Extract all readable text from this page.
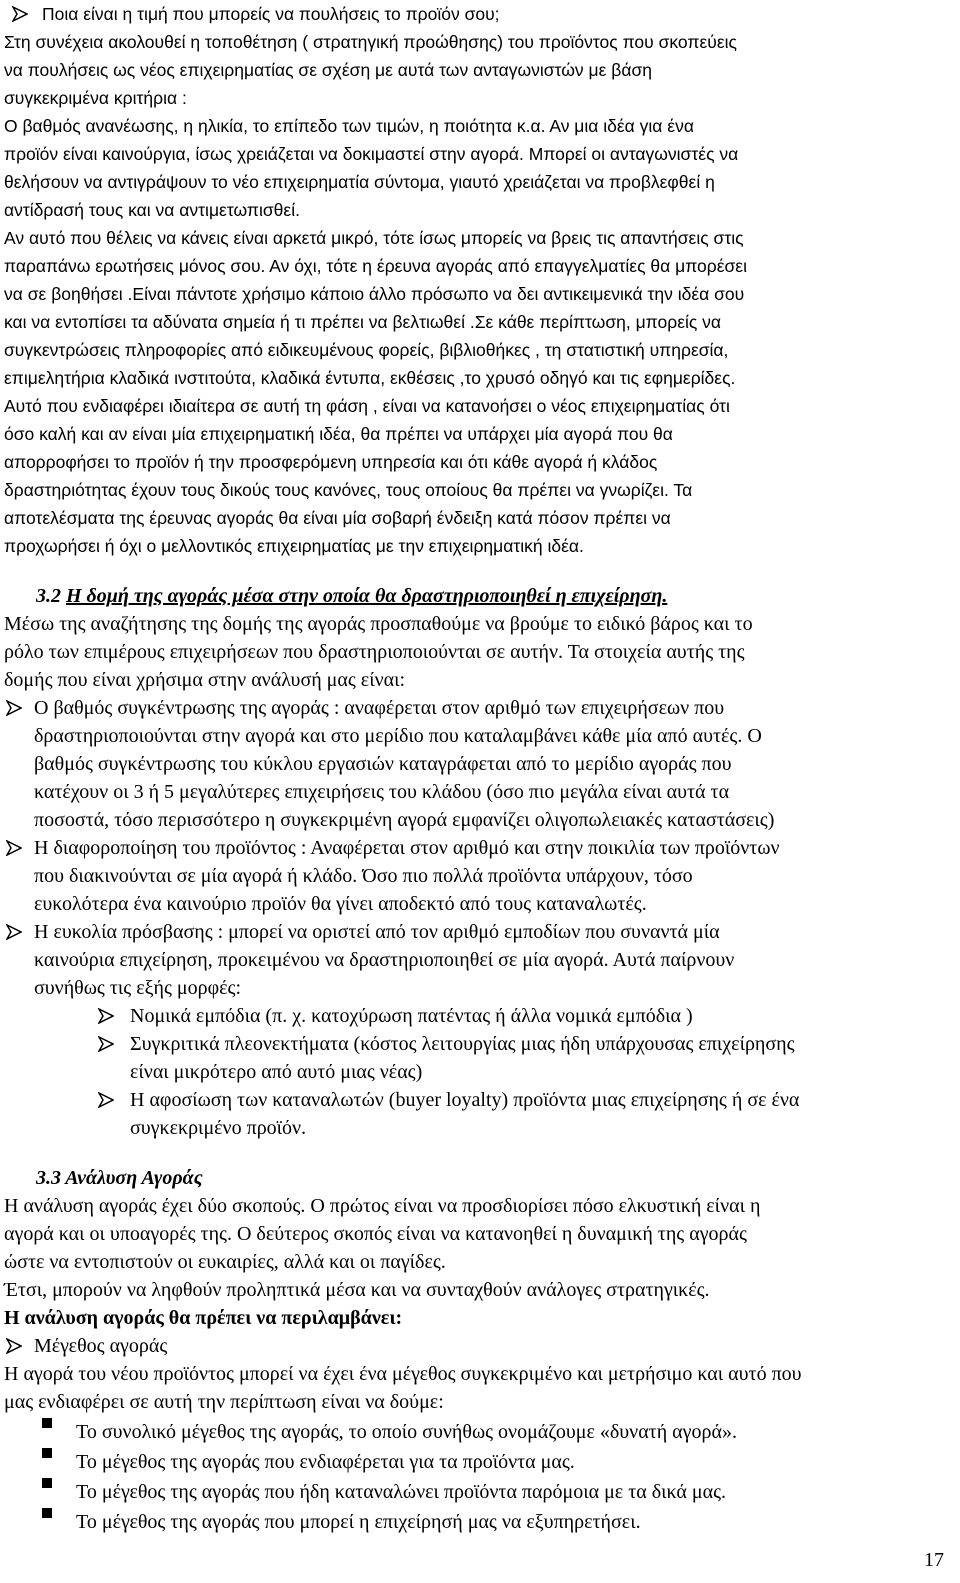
Ποια είναι η τιμή που μπορείς να πουλήσεις το προϊόν σου;
Στη συνέχεια ακολουθεί η τοποθέτηση ( στρατηγική προώθησης) του προϊόντος που σκοπεύεις
να πουλήσεις ως νέος επιχειρηματίας σε σχέση με αυτά των ανταγωνιστών με βάση
συγκεκριμένα κριτήρια :
Ο βαθμός ανανέωσης, η ηλικία, το επίπεδο των τιμών, η ποιότητα κ.α. Αν μια ιδέα για ένα
προϊόν είναι καινούργια, ίσως χρειάζεται να δοκιμαστεί στην αγορά. Μπορεί οι ανταγωνιστές να
θελήσουν να αντιγράψουν το νέο επιχειρηματία σύντομα, γιαυτό χρειάζεται να προβλεφθεί η
αντίδρασή τους και να αντιμετωπισθεί.
Αν αυτό που θέλεις να κάνεις είναι αρκετά μικρό, τότε ίσως μπορείς να βρεις τις απαντήσεις στις
παραπάνω ερωτήσεις μόνος σου. Αν όχι, τότε η έρευνα αγοράς από επαγγελματίες θα μπορέσει
να σε βοηθήσει .Είναι πάντοτε χρήσιμο κάποιο άλλο πρόσωπο να δει αντικειμενικά την ιδέα σου
και να εντοπίσει τα αδύνατα σημεία ή τι πρέπει να βελτιωθεί .Σε κάθε περίπτωση, μπορείς να
συγκεντρώσεις πληροφορίες από ειδικευμένους φορείς, βιβλιοθήκες , τη στατιστική υπηρεσία,
επιμελητήρια κλαδικά ινστιτούτα, κλαδικά έντυπα, εκθέσεις ,το χρυσό οδηγό και τις εφημερίδες.
Αυτό που ενδιαφέρει ιδιαίτερα σε αυτή τη φάση , είναι να κατανοήσει ο νέος επιχειρηματίας ότι
όσο καλή και αν είναι μία επιχειρηματική ιδέα, θα πρέπει να υπάρχει μία αγορά που θα
απορροφήσει το προϊόν ή την προσφερόμενη υπηρεσία και ότι κάθε αγορά ή κλάδος
δραστηριότητας έχουν τους δικούς τους κανόνες, τους οποίους θα πρέπει να γνωρίζει. Τα
αποτελέσματα της έρευνας αγοράς θα είναι μία σοβαρή ένδειξη κατά πόσον πρέπει να
προχωρήσει ή όχι ο μελλοντικός επιχειρηματίας με την επιχειρηματική ιδέα.
3.2 Η δομή της αγοράς μέσα στην οποία θα δραστηριοποιηθεί η επιχείρηση.
Μέσω της αναζήτησης της δομής της αγοράς προσπαθούμε να βρούμε το ειδικό βάρος και το
ρόλο των επιμέρους επιχειρήσεων που δραστηριοποιούνται σε αυτήν. Τα στοιχεία αυτής της
δομής που είναι χρήσιμα στην ανάλυσή μας είναι:
Ο βαθμός συγκέντρωσης της αγοράς : αναφέρεται στον αριθμό των επιχειρήσεων που
δραστηριοποιούνται στην αγορά και στο μερίδιο που καταλαμβάνει κάθε μία από αυτές. Ο
βαθμός συγκέντρωσης του κύκλου εργασιών καταγράφεται από το μερίδιο αγοράς που
κατέχουν οι 3 ή 5 μεγαλύτερες επιχειρήσεις του κλάδου (όσο πιο μεγάλα είναι αυτά τα
ποσοστά, τόσο περισσότερο η συγκεκριμένη αγορά εμφανίζει ολιγοπωλειακές καταστάσεις)
Η διαφοροποίηση του προϊόντος : Αναφέρεται στον αριθμό και στην ποικιλία των προϊόντων
που διακινούνται σε μία αγορά ή κλάδο. Όσο πιο πολλά προϊόντα υπάρχουν, τόσο
ευκολότερα ένα καινούριο προϊόν θα γίνει αποδεκτό από τους καταναλωτές.
Η ευκολία πρόσβασης : μπορεί να οριστεί από τον αριθμό εμποδίων που συναντά μία
καινούρια επιχείρηση, προκειμένου να δραστηριοποιηθεί σε μία αγορά. Αυτά παίρνουν
συνήθως τις εξής μορφές:
Νομικά εμπόδια (π. χ. κατοχύρωση πατέντας ή άλλα νομικά εμπόδια )
Συγκριτικά πλεονεκτήματα (κόστος λειτουργίας μιας ήδη υπάρχουσας επιχείρησης
είναι μικρότερο από αυτό μιας νέας)
Η αφοσίωση των καταναλωτών (buyer loyalty) προϊόντα μιας επιχείρησης ή σε ένα
συγκεκριμένο προϊόν.
3.3 Ανάλυση Αγοράς
Η ανάλυση αγοράς έχει δύο σκοπούς. Ο πρώτος είναι να προσδιορίσει πόσο ελκυστική είναι η
αγορά και οι υποαγορές της. Ο δεύτερος σκοπός είναι να κατανοηθεί η δυναμική της αγοράς
ώστε να εντοπιστούν οι ευκαιρίες, αλλά και οι παγίδες.
Έτσι, μπορούν να ληφθούν προληπτικά μέσα και να συνταχθούν ανάλογες στρατηγικές.
Η ανάλυση αγοράς θα πρέπει να περιλαμβάνει:
Μέγεθος αγοράς
Η αγορά του νέου προϊόντος μπορεί να έχει ένα μέγεθος συγκεκριμένο και μετρήσιμο και αυτό που
μας ενδιαφέρει σε αυτή την περίπτωση είναι να δούμε:
Το συνολικό μέγεθος της αγοράς, το οποίο συνήθως ονομάζουμε «δυνατή αγορά».
Το μέγεθος της αγοράς που ενδιαφέρεται για τα προϊόντα μας.
Το μέγεθος της αγοράς που ήδη καταναλώνει προϊόντα παρόμοια με τα δικά μας.
Το μέγεθος της αγοράς που μπορεί η επιχείρησή μας να εξυπηρετήσει.
17
